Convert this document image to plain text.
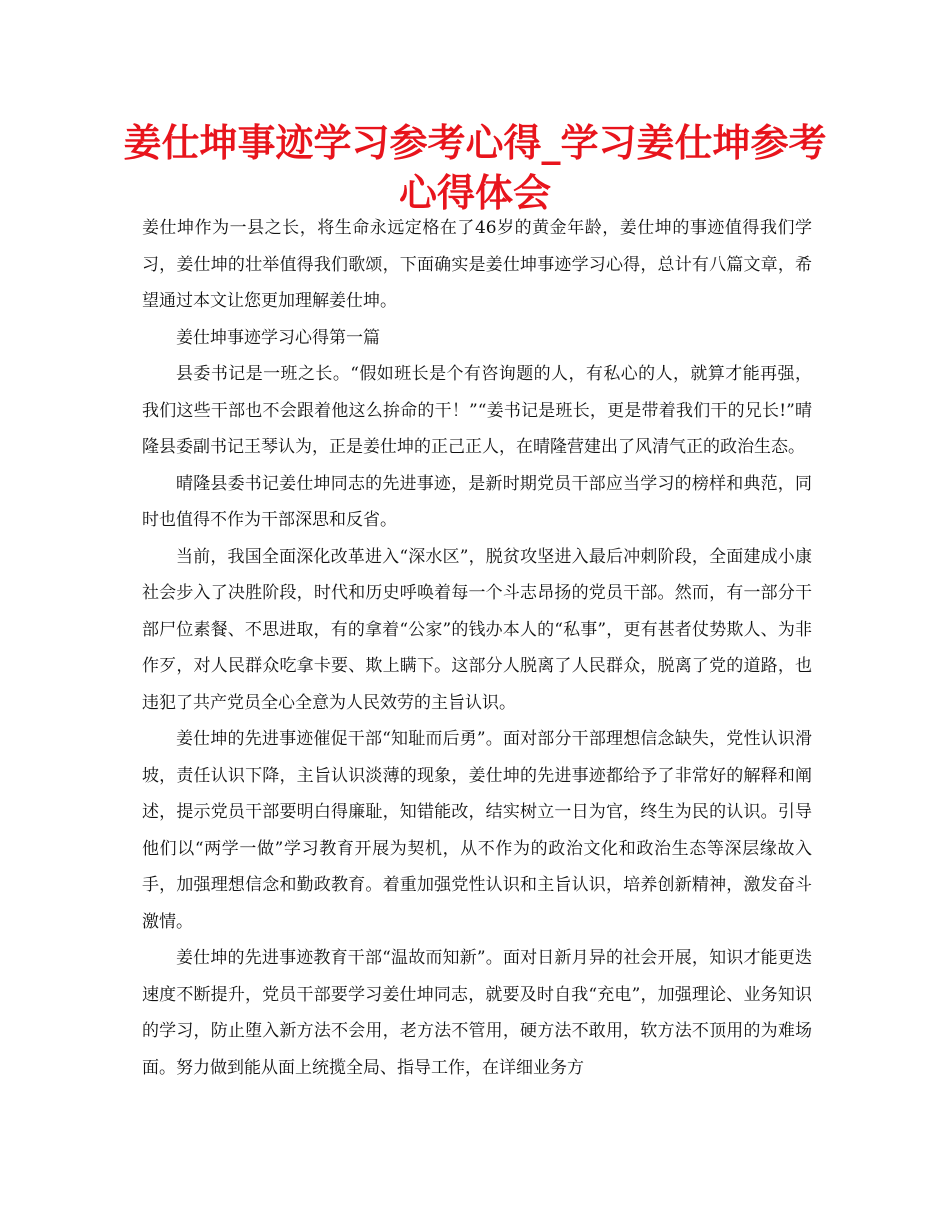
姜仕坤事迹学习参考心得_学习姜仕坤参考心得体会

姜仕坤作为一县之长，将生命永远定格在了46岁的黄金年龄，姜仕坤的事迹值得我们学习，姜仕坤的壮举值得我们歌颂，下面确实是姜仕坤事迹学习心得，总计有八篇文章，希望通过本文让您更加理解姜仕坤。

姜仕坤事迹学习心得第一篇

县委书记是一班之长。“假如班长是个有咨询题的人，有私心的人，就算才能再强，我们这些干部也不会跟着他这么拚命的干！”“姜书记是班长，更是带着我们干的兄长!”晴隆县委副书记王琴认为，正是姜仕坤的正己正人，在晴隆营建出了风清气正的政治生态。

晴隆县委书记姜仕坤同志的先进事迹，是新时期党员干部应当学习的榜样和典范，同时也值得不作为干部深思和反省。

当前，我国全面深化改革进入“深水区”，脱贫攻坚进入最后冲刺阶段，全面建成小康社会步入了决胜阶段，时代和历史呼唤着每一个斗志昂扬的党员干部。然而，有一部分干部尸位素餐、不思进取，有的拿着“公家”的钱办本人的“私事”，更有甚者仗势欺人、为非作歹，对人民群众吃拿卡要、欺上瞒下。这部分人脱离了人民群众，脱离了党的道路，也违犯了共产党员全心全意为人民效劳的主旨认识。

姜仕坤的先进事迹催促干部“知耻而后勇”。面对部分干部理想信念缺失，党性认识滑坡，责任认识下降，主旨认识淡薄的现象，姜仕坤的先进事迹都给予了非常好的解释和阐述，提示党员干部要明白得廉耻，知错能改，结实树立一日为官，终生为民的认识。引导他们以“两学一做”学习教育开展为契机，从不作为的政治文化和政治生态等深层缘故入手，加强理想信念和勤政教育。着重加强党性认识和主旨认识，培养创新精神，激发奋斗激情。

姜仕坤的先进事迹教育干部“温故而知新”。面对日新月异的社会开展，知识才能更迭速度不断提升，党员干部要学习姜仕坤同志，就要及时自我“充电”，加强理论、业务知识的学习，防止堕入新方法不会用，老方法不管用，硬方法不敢用，软方法不顶用的为难场面。努力做到能从面上统揽全局、指导工作，在详细业务方
